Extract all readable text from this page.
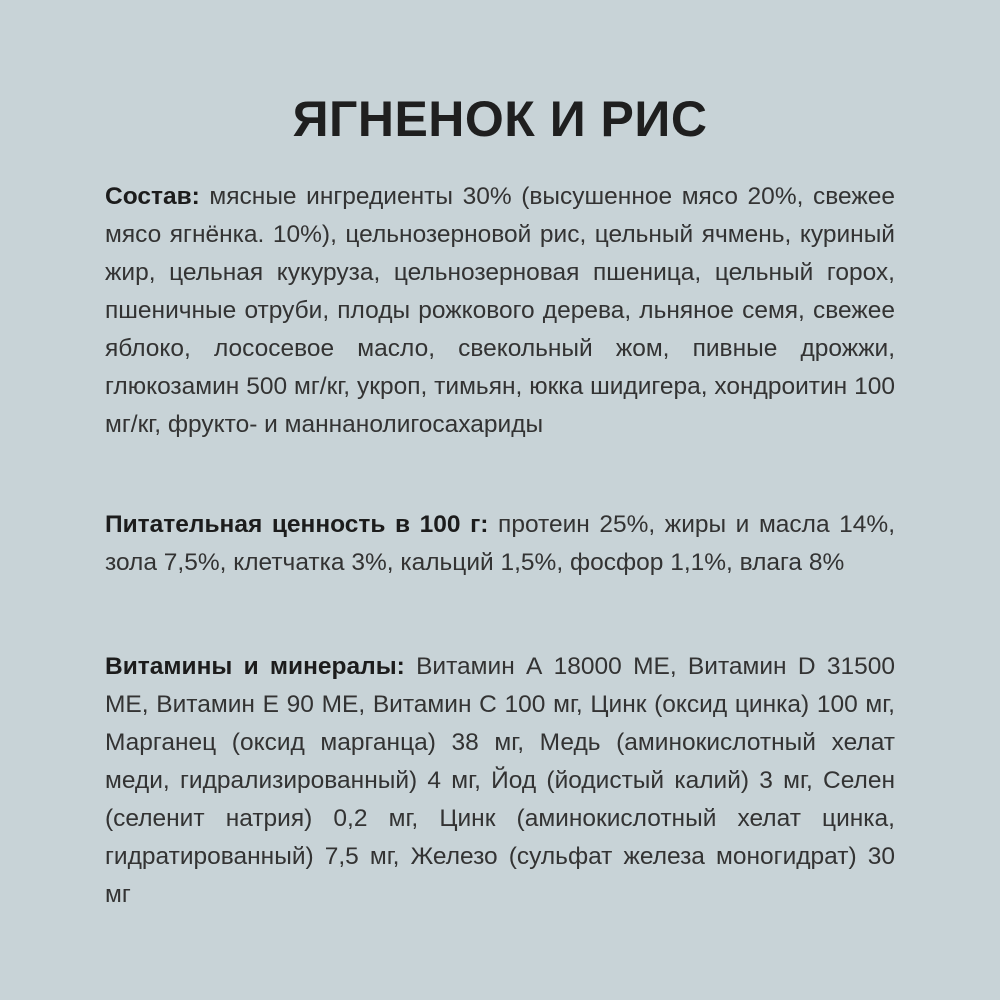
ЯГНЕНОК И РИС

Состав: мясные ингредиенты 30% (высушенное мясо 20%, свежее мясо ягнёнка. 10%), цельнозерновой рис, цельный ячмень, куриный жир, цельная кукуруза, цельнозерновая пшеница, цельный горох, пшеничные отруби, плоды рожкового дерева, льняное семя, свежее яблоко, лососевое масло, свекольный жом, пивные дрожжи, глюкозамин 500 мг/кг, укроп, тимьян, юкка шидигера, хондроитин 100 мг/кг, фрукто- и маннанолигосахариды

Питательная ценность в 100 г: протеин 25%, жиры и масла 14%, зола 7,5%, клетчатка 3%, кальций 1,5%, фосфор 1,1%, влага 8%

Витамины и минералы: Витамин А 18000 МЕ, Витамин D 31500 МЕ, Витамин Е 90 МЕ, Витамин С 100 мг, Цинк (оксид цинка) 100 мг, Марганец (оксид марганца) 38 мг, Медь (аминокислотный хелат меди, гидрализированный) 4 мг, Йод (йодистый калий) 3 мг, Селен (селенит натрия) 0,2 мг, Цинк (аминокислотный хелат цинка, гидратированный) 7,5 мг, Железо (сульфат железа моногидрат) 30 мг
